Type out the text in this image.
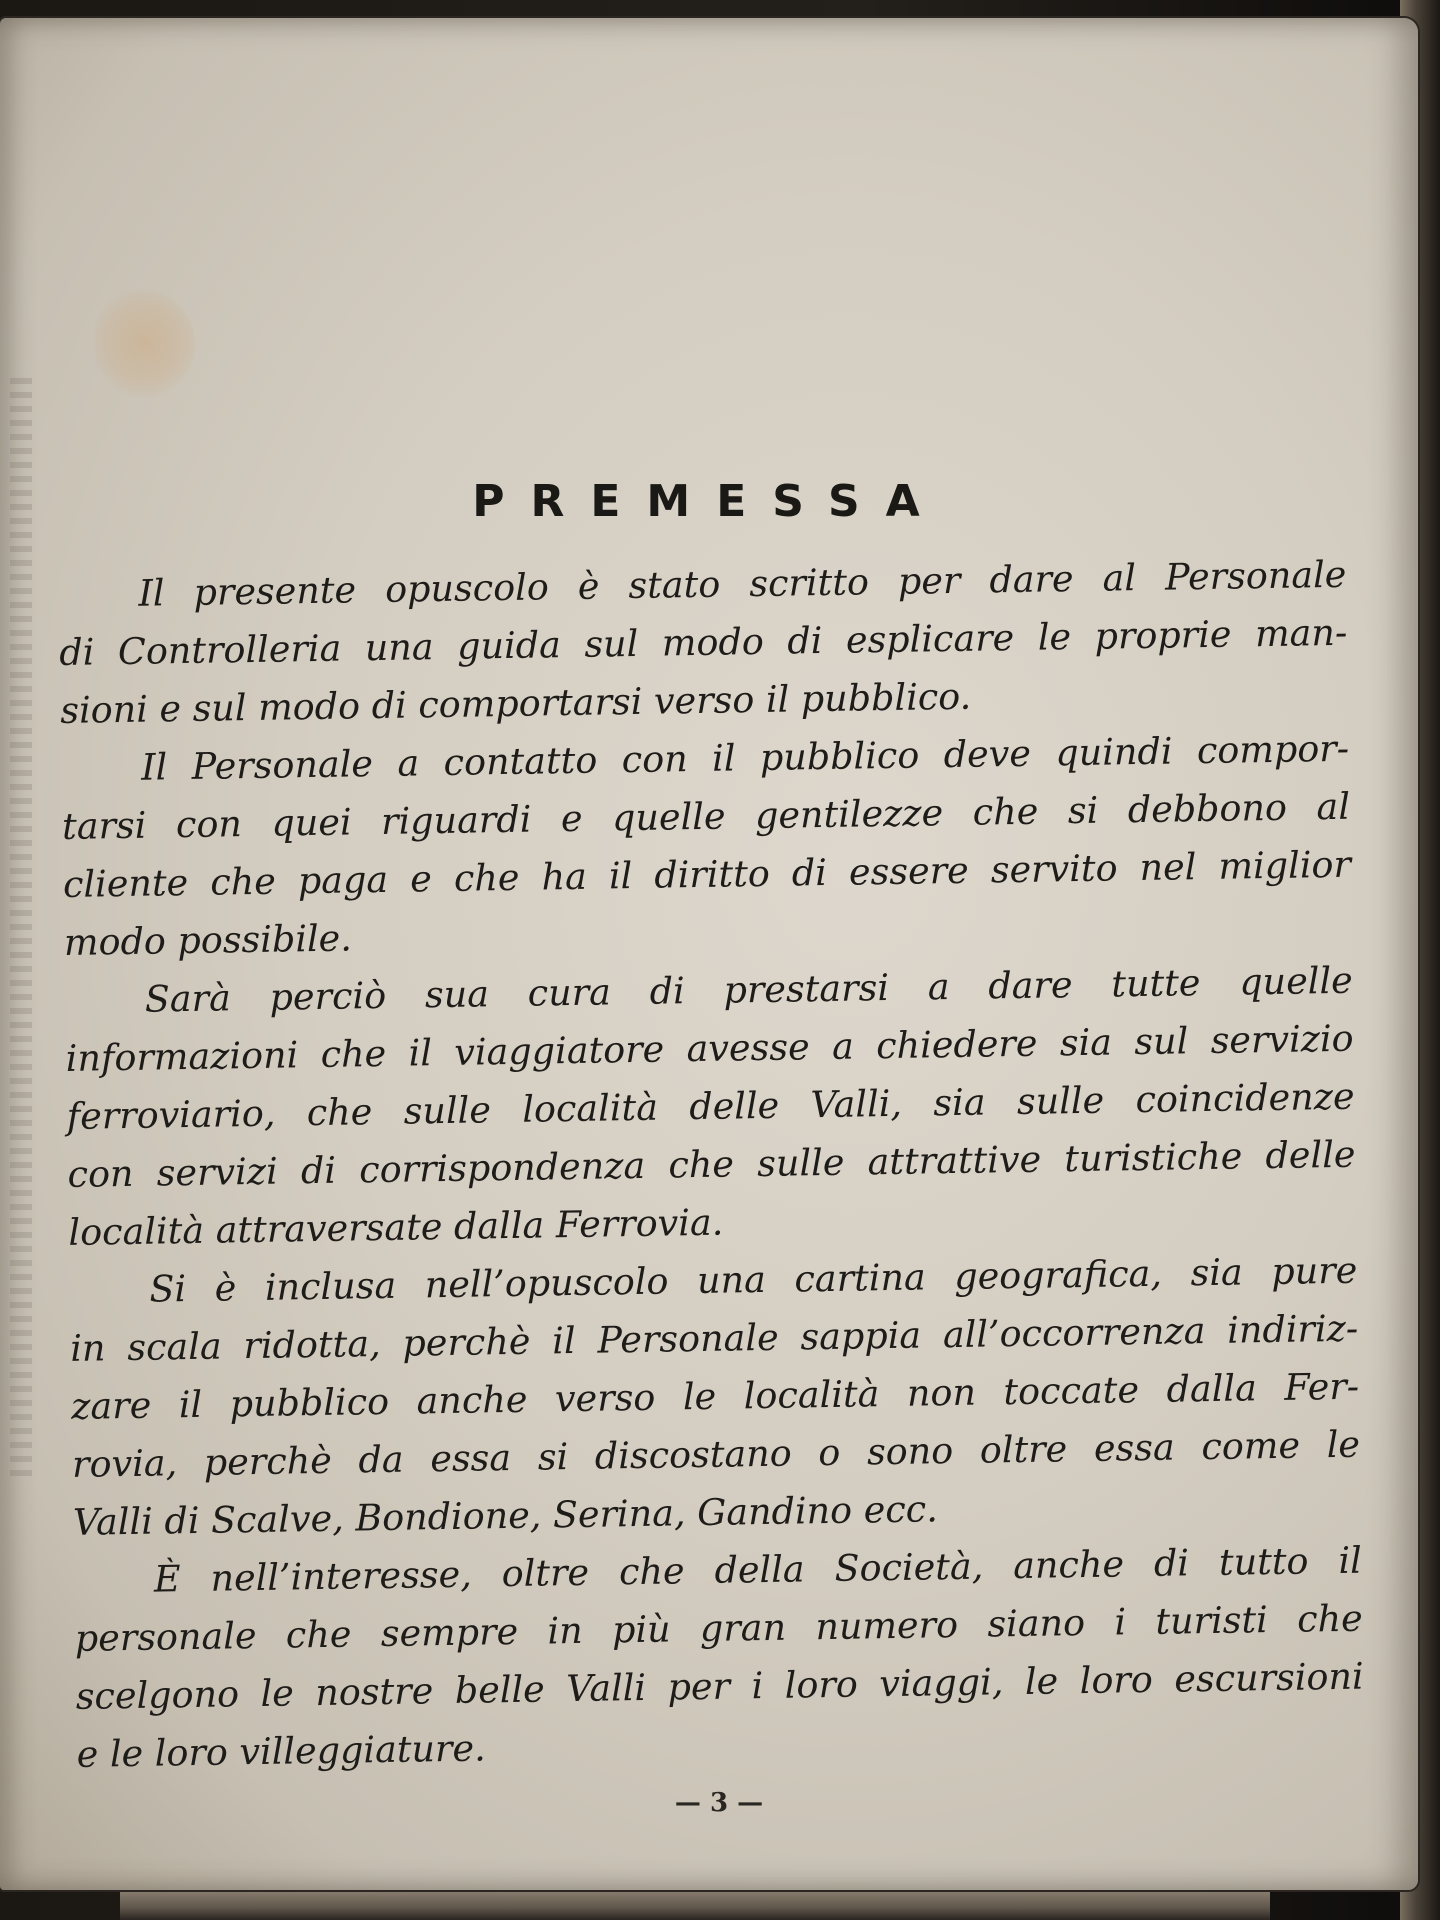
PREMESSA

Il presente opuscolo è stato scritto per dare al Personale
di Controlleria una guida sul modo di esplicare le proprie man-
sioni e sul modo di comportarsi verso il pubblico.

Il Personale a contatto con il pubblico deve quindi compor-
tarsi con quei riguardi e quelle gentilezze che si debbono al
cliente che paga e che ha il diritto di essere servito nel miglior
modo possibile.

Sarà perciò sua cura di prestarsi a dare tutte quelle
informazioni che il viaggiatore avesse a chiedere sia sul servizio
ferroviario, che sulle località delle Valli, sia sulle coincidenze
con servizi di corrispondenza che sulle attrattive turistiche delle
località attraversate dalla Ferrovia.

Si è inclusa nell’opuscolo una cartina geografica, sia pure
in scala ridotta, perchè il Personale sappia all’occorrenza indiriz-
zare il pubblico anche verso le località non toccate dalla Fer-
rovia, perchè da essa si discostano o sono oltre essa come le
Valli di Scalve, Bondione, Serina, Gandino ecc.

È nell’interesse, oltre che della Società, anche di tutto il
personale che sempre in più gran numero siano i turisti che
scelgono le nostre belle Valli per i loro viaggi, le loro escursioni
e le loro villeggiature.

— 3 —
